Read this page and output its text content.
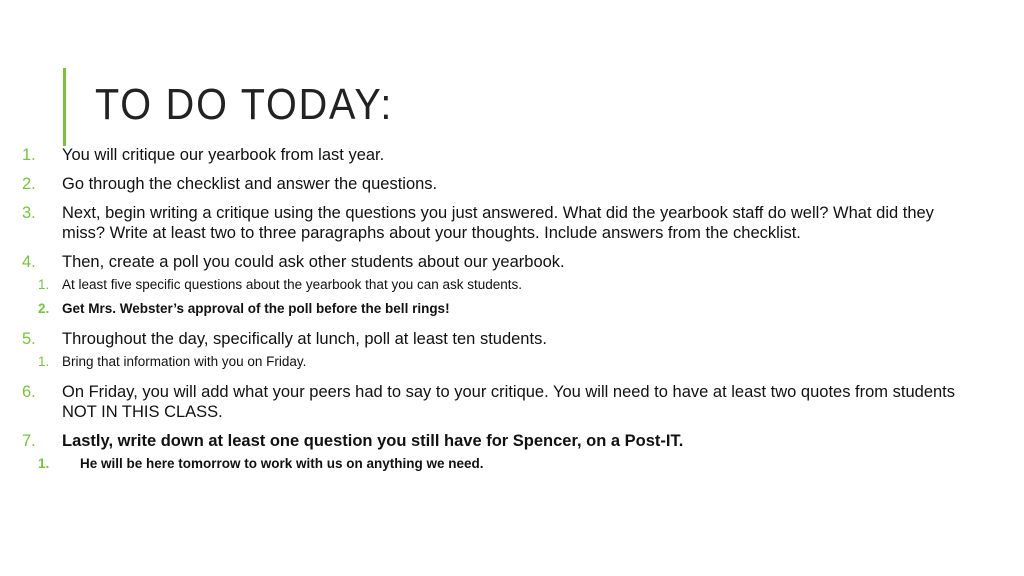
TO DO TODAY:
1. You will critique our yearbook from last year.
2. Go through the checklist and answer the questions.
3. Next, begin writing a critique using the questions you just answered. What did the yearbook staff do well? What did they miss? Write at least two to three paragraphs about your thoughts. Include answers from the checklist.
4. Then, create a poll you could ask other students about our yearbook.
1. At least five specific questions about the yearbook that you can ask students.
2. Get Mrs. Webster’s approval of the poll before the bell rings!
5. Throughout the day, specifically at lunch, poll at least ten students.
1. Bring that information with you on Friday.
6. On Friday, you will add what your peers had to say to your critique. You will need to have at least two quotes from students NOT IN THIS CLASS.
7. Lastly, write down at least one question you still have for Spencer, on a Post-IT.
1. He will be here tomorrow to work with us on anything we need.
